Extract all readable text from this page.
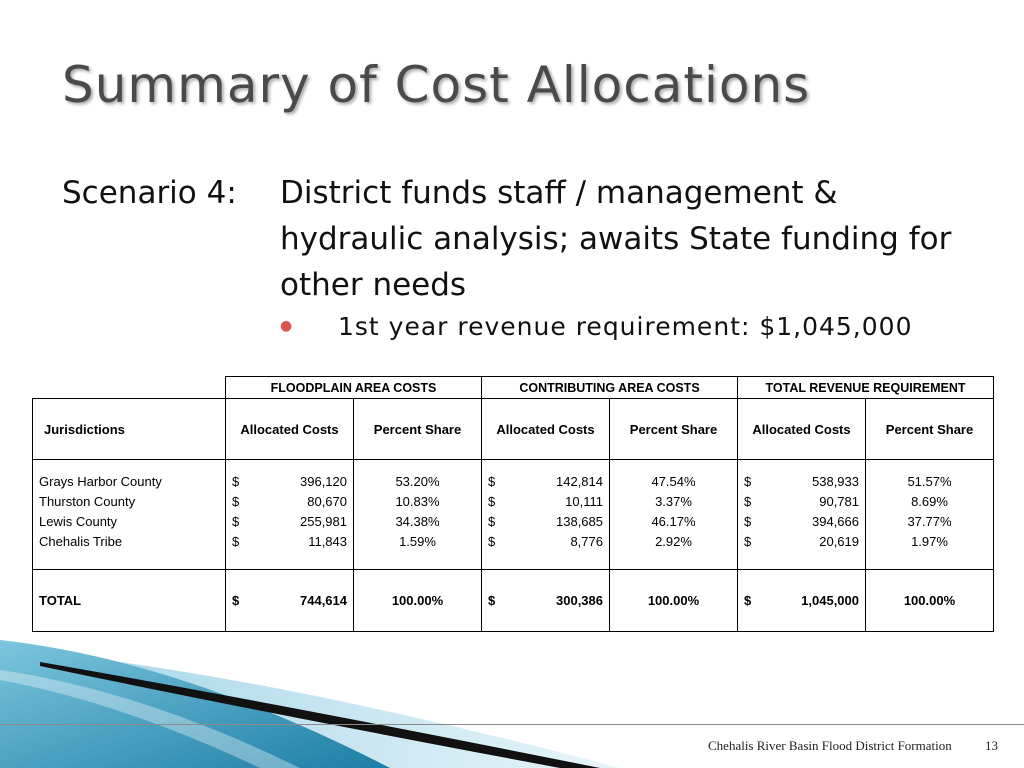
Summary of Cost Allocations
Scenario 4: District funds staff / management & hydraulic analysis; awaits State funding for other needs
● 1st year revenue requirement: $1,045,000
	FLOODPLAIN AREA COSTS			CONTRIBUTING AREA COSTS			TOTAL REVENUE REQUIREMENT		
Jurisdictions	Allocated Costs		Percent Share	Allocated Costs		Percent Share	Allocated Costs		Percent Share

Grays Harbor County	$	396,120	53.20%	$	142,814	47.54%	$	538,933	51.57%
Thurston County	$	80,670	10.83%	$	10,111	3.37%	$	90,781	8.69%
Lewis County	$	255,981	34.38%	$	138,685	46.17%	$	394,666	37.77%
Chehalis Tribe	$	11,843	1.59%	$	8,776	2.92%	$	20,619	1.97%

TOTAL	$	744,614	100.00%	$	300,386	100.00%	$	1,045,000	100.00%
Chehalis River Basin Flood District Formation	13
